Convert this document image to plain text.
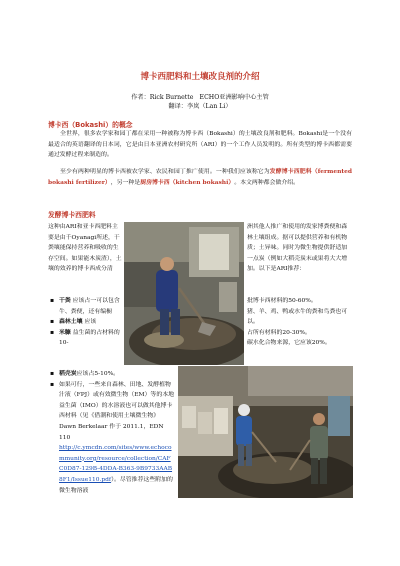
博卡西肥料和土壤改良剂的介绍
作者：Rick Burnette　ECHO亚洲影响中心主管
翻译：李岚（Lan Li）
博卡西（Bokashi）的概念
全世界，很多农学家和园丁都在采用一种被称为博卡西（Bokashi）的土壤改良剂和肥料。Bokashi是一个没有最适合的英语翻译的日本词，它是由日本亚洲农村研究所（ARI）的一个工作人员发明的。所有类型的博卡西都需要通过发酵过程来制造的。
至少有两种明显的博卡西被农学家、农民和园丁推广使用。一种我们应该称它为发酵博卡西肥料（fermented bokashi fertilizer），另一种是厨房博卡西（kitchen bokashi）。本文两种都会做介绍。
发酵博卡西肥料
这种由ARI和亚卡西肥料主要是由千Oyanagi所述，干粪壤能保持营养和吸收的生存空间。如果能木炭渣），土壤的效养的博卡西成分清
▪ 干粪 应该占一可以包含牛、粪便，还有编橱
▪ 森林土壤 应该
▪ 米糠 益生菌的占材料的10-
洲其他人推广和使用的发家博粪便和森林土壤组成。据可以提供营养和有机物质；土异味。同时为微生物提供舒适加一点炭（例如大稻壳炭末或果将大大增加。以下是ARI推荐：
批博卡西材料的50-60%。
猪、羊、鸡、鸭或水牛的粪和鸟粪也可以。
占所有材料的20-30%。
碳水化合物来源，它应该20%。
▪ 稻壳炭应该占5-10%。
▪ 如果可行，一些来自森林、田地、发酵植物汁液（FPJ）或有效微生物（EM）等的本地益生菌（IMO）的水溶液也可以做其他博卡西材料（见《借潮和使用土壤微生物》Dawn Berkelaar 作于 2011.1，EDN 110
http://c.ymcdn.com/sites/www.echocommunity.org/resource/collection/CAFC0D87-129B-4DDA-B363-9B9733AAB8F1/Issue110.pdf）。尽管推荐这些附加的微生物溶液
